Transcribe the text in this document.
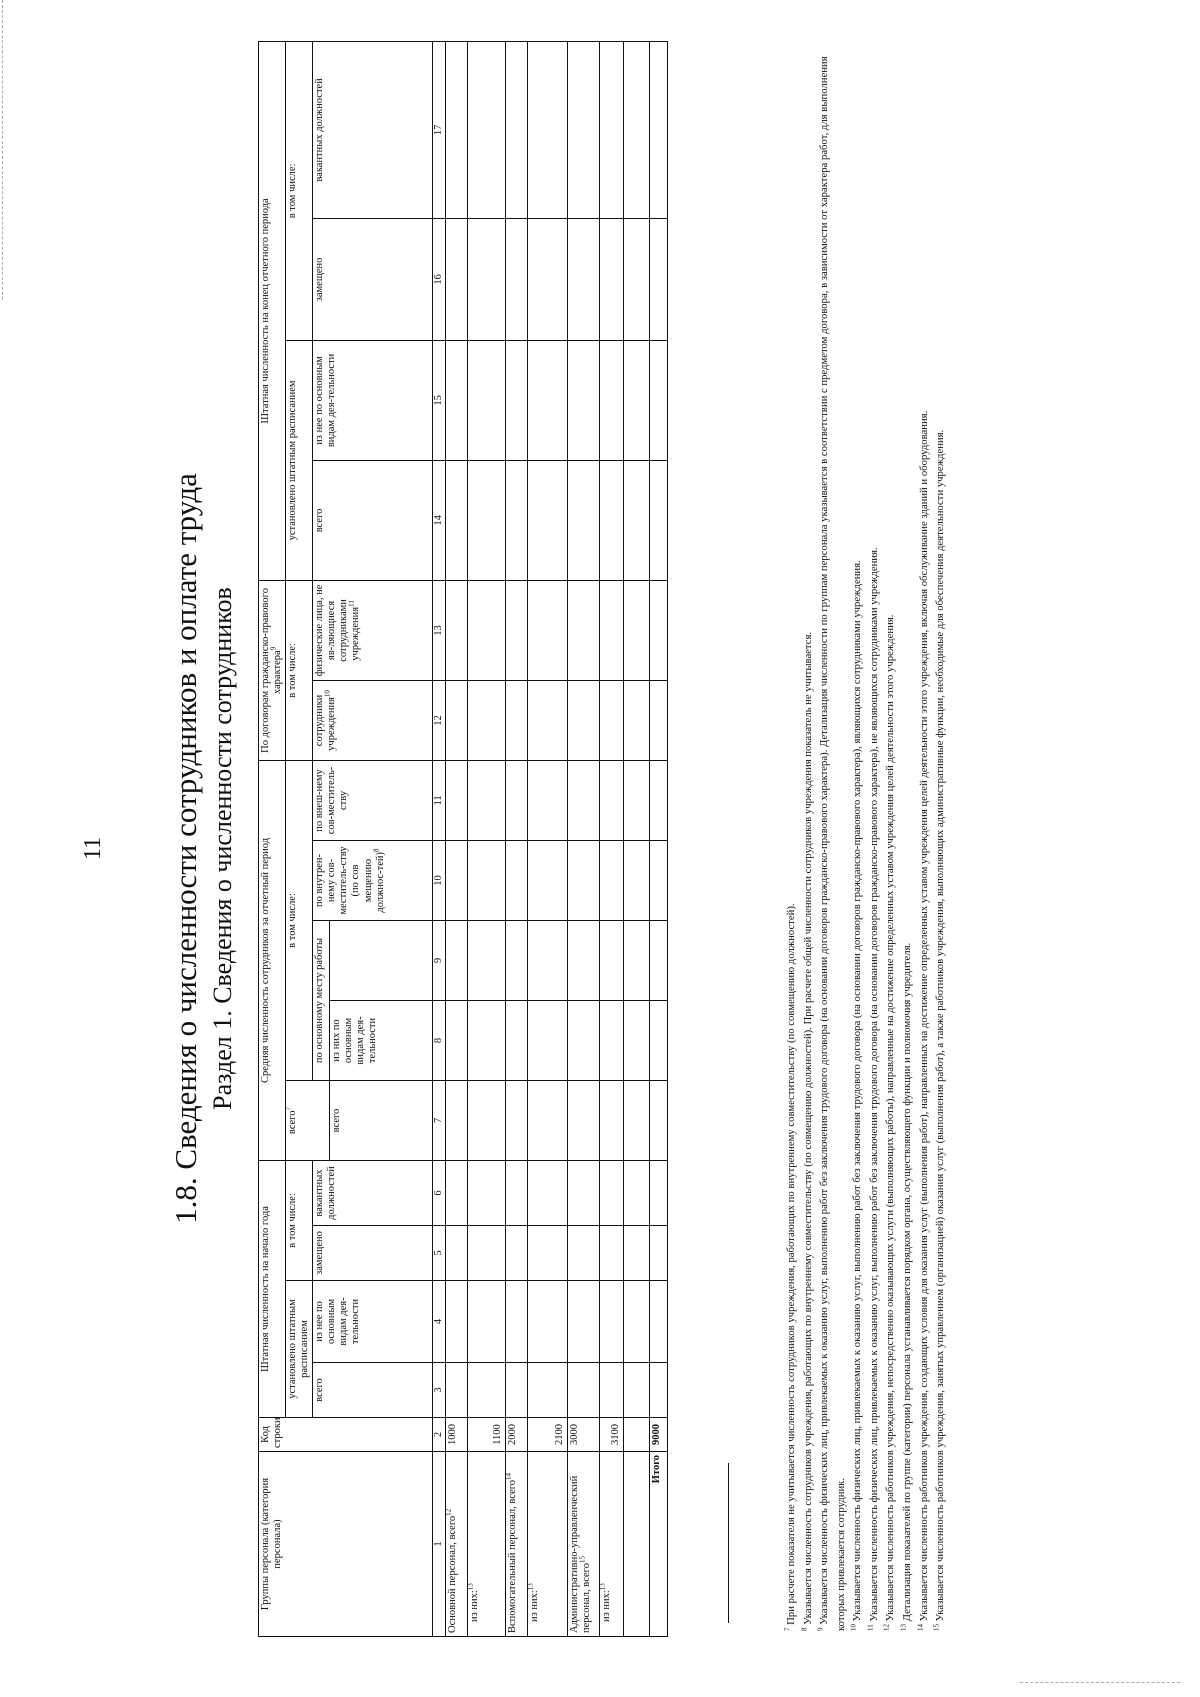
11 1.8. Сведения о численности сотрудников и оплате труда Раздел 1. Сведения о численности сотрудников
Группы персонала (категория персонала)	Код строки	Штатная численность на начало года				Средняя численность сотрудников за отчетный период					По договорам гражданско-правового характера$^9$		Штатная численность на конец отчетного периода			
		установлено штатным расписанием		в том числе:		всего$^7$	в том числе:				в том числе:		установлено штатным расписанием		в том числе:	
		всего	из нее по основным видам дея-тельности	замещено	вакантных должностей		по основному месту работы		по внутрен-нему сов-меститель-ству (по сов мещению должнос-тей)$^8$	по внеш-нему сов-меститель-ству	сотрудники учреждения$^{10}$	физические лица, не яв-ляющиеся сотрудниками учреждения$^{11}$	всего	из нее по основным видам дея-тельности	замещено	вакантных должностей
						всего	из них по основным видам дея-тельности									
1	2	3	4	5	6	7	8	9	10	11	12	13	14	15	16	17
Основной персонал, всего$^{12}$	1000															
из них:$^{13}$	1100															
Вспомогательный персонал, всего$^{14}$	2000															
из них:$^{13}$	2100															
Административно-управленческий персонал, всего$^{15}$	3000															
из них:$^{13}$	3100															

Итого	9000															

$^7$ При расчете показателя не учитывается численность сотрудников учреждения, работающих по внутреннему совместительству (по совмещению должностей).

$^8$ Указывается численность сотрудников учреждения, работающих по внутреннему совместительству (по совмещению должностей). При расчете общей численности сотрудников учреждения показатель не учитывается.

$^9$ Указывается численность физических лиц, привлекаемых к оказанию услуг, выполнению работ без заключения трудового договора (на основании договоров гражданско-правового характера). Детализация численности по группам персонала указывается в соответствии с предметом договора, в зависимости от характера работ, для выполнения которых привлекается сотрудник. $^{10}$ Указывается численность физических лиц, привлекаемых к оказанию услуг, выполнению работ без заключения трудового договора (на основании договоров гражданско-правового характера), являющихся сотрудниками учреждения.

$^{11}$ Указывается численность физических лиц, привлекаемых к оказанию услуг, выполнению работ без заключения трудового договора (на основании договоров гражданско-правового характера), не являющихся сотрудниками учреждения.

$^{12}$ Указывается численность работников учреждения, непосредственно оказывающих услуги (выполняющих работы), направленные на достижение определенных уставом учреждения целей деятельности этого учреждения.

$^{13}$ Детализация показателей по группе (категории) персонала устанавливается порядком органа, осуществляющего функции и полномочия учредителя.

$^{14}$ Указывается численность работников учреждения, создающих условия для оказания услуг (выполнения работ), направленных на достижение определенных уставом учреждения целей деятельности этого учреждения, включая обслуживание зданий и оборудования.

$^{15}$ Указывается численность работников учреждения, занятых управлением (организацией) оказания услуг (выполнения работ), а также работников учреждения, выполняющих административные функции, необходимые для обеспечения деятельности учреждения.
